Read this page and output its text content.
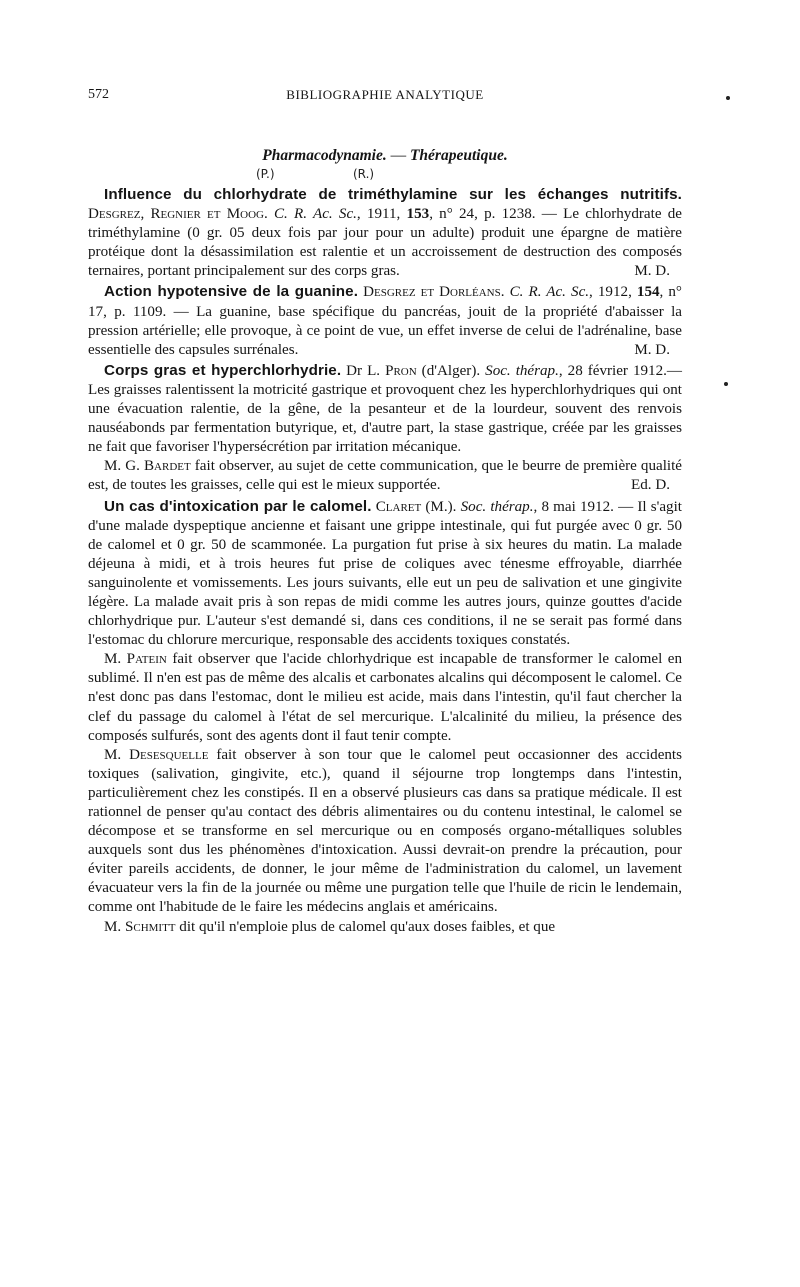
572	BIBLIOGRAPHIE ANALYTIQUE
Pharmacodynamie. — Thérapeutique.
(P.)	(R.)

Influence du chlorhydrate de triméthylamine sur les échanges nutritifs. Desgrez, Regnier et Moog. C. R. Ac. Sc., 1911, 153, n° 24, p. 1238. — Le chlorhydrate de triméthylamine (0 gr. 05 deux fois par jour pour un adulte) produit une épargne de matière protéique dont la désassimilation est ralentie et un accroissement de destruction des composés ternaires, portant principalement sur des corps gras.	M. D.

Action hypotensive de la guanine. Desgrez et Dorléans. C. R. Ac. Sc., 1912, 154, n° 17, p. 1109. — La guanine, base spécifique du pancréas, jouit de la propriété d'abaisser la pression artérielle; elle provoque, à ce point de vue, un effet inverse de celui de l'adrénaline, base essentielle des capsules surrénales.	M. D.

Corps gras et hyperchlorhydrie. Dr L. Pron (d'Alger). Soc. thérap., 28 février 1912.—Les graisses ralentissent la motricité gastrique et provoquent chez les hyperchlorhydriques qui ont une évacuation ralentie, de la gêne, de la pesanteur et de la lourdeur, souvent des renvois nauséabonds par fermentation butyrique, et, d'autre part, la stase gastrique, créée par les graisses ne fait que favoriser l'hypersécrétion par irritation mécanique.

M. G. Bardet fait observer, au sujet de cette communication, que le beurre de première qualité est, de toutes les graisses, celle qui est le mieux supportée.	Ed. D.

Un cas d'intoxication par le calomel. Claret (M.). Soc. thérap., 8 mai 1912. — Il s'agit d'une malade dyspeptique ancienne et faisant une grippe intestinale, qui fut purgée avec 0 gr. 50 de calomel et 0 gr. 50 de scammonée. La purgation fut prise à six heures du matin. La malade déjeuna à midi, et à trois heures fut prise de coliques avec ténesme effroyable, diarrhée sanguinolente et vomissements. Les jours suivants, elle eut un peu de salivation et une gingivite légère. La malade avait pris à son repas de midi comme les autres jours, quinze gouttes d'acide chlorhydrique pur. L'auteur s'est demandé si, dans ces conditions, il ne se serait pas formé dans l'estomac du chlorure mercurique, responsable des accidents toxiques constatés.

M. Patein fait observer que l'acide chlorhydrique est incapable de transformer le calomel en sublimé. Il n'en est pas de même des alcalis et carbonates alcalins qui décomposent le calomel. Ce n'est donc pas dans l'estomac, dont le milieu est acide, mais dans l'intestin, qu'il faut chercher la clef du passage du calomel à l'état de sel mercurique. L'alcalinité du milieu, la présence des composés sulfurés, sont des agents dont il faut tenir compte.

M. Desesquelle fait observer à son tour que le calomel peut occasionner des accidents toxiques (salivation, gingivite, etc.), quand il séjourne trop longtemps dans l'intestin, particulièrement chez les constipés. Il en a observé plusieurs cas dans sa pratique médicale. Il est rationnel de penser qu'au contact des débris alimentaires ou du contenu intestinal, le calomel se décompose et se transforme en sel mercurique ou en composés organo-métalliques solubles auxquels sont dus les phénomènes d'intoxication. Aussi devrait-on prendre la précaution, pour éviter pareils accidents, de donner, le jour même de l'administration du calomel, un lavement évacuateur vers la fin de la journée ou même une purgation telle que l'huile de ricin le lendemain, comme ont l'habitude de le faire les médecins anglais et américains.

M. Schmitt dit qu'il n'emploie plus de calomel qu'aux doses faibles, et que
